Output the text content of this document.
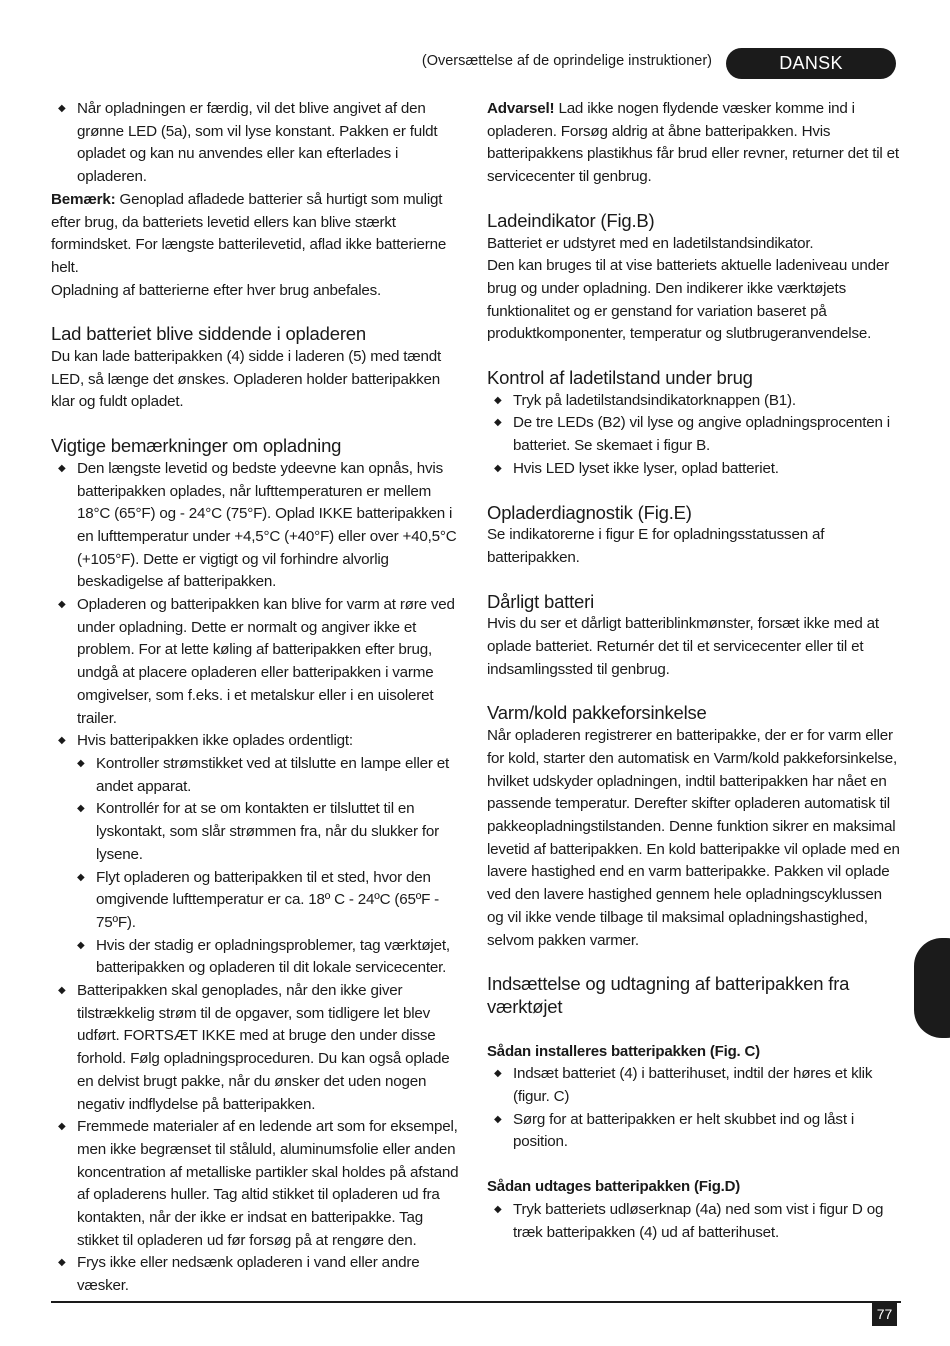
(Oversættelse af de oprindelige instruktioner)	DANSK
◆ Når opladningen er færdig, vil det blive angivet af den grønne LED (5a), som vil lyse konstant. Pakken er fuldt opladet og kan nu anvendes eller kan efterlades i opladeren.

Bemærk: Genoplad afladede batterier så hurtigt som muligt efter brug, da batteriets levetid ellers kan blive stærkt formindsket. For længste batterilevetid, aflad ikke batterierne helt.

Opladning af batterierne efter hver brug anbefales.

Lad batteriet blive siddende i opladeren

Du kan lade batteripakken (4) sidde i laderen (5) med tændt LED, så længe det ønskes. Opladeren holder batteripakken klar og fuldt opladet.

Vigtige bemærkninger om opladning
◆ Den længste levetid og bedste ydeevne kan opnås, hvis batteripakken oplades, når lufttemperaturen er mellem 18°C (65°F) og - 24°C (75°F). Oplad IKKE batteripakken i en lufttemperatur under +4,5°C (+40°F) eller over +40,5°C (+105°F). Dette er vigtigt og vil forhindre alvorlig beskadigelse af batteripakken.
◆ Opladeren og batteripakken kan blive for varm at røre ved under opladning. Dette er normalt og angiver ikke et problem. For at lette køling af batteripakken efter brug, undgå at placere opladeren eller batteripakken i varme omgivelser, som f.eks. i et metalskur eller i en uisoleret trailer.
◆ Hvis batteripakken ikke oplades ordentligt:
◆ Kontroller strømstikket ved at tilslutte en lampe eller et andet apparat.
◆ Kontrollér for at se om kontakten er tilsluttet til en lyskontakt, som slår strømmen fra, når du slukker for lysene.
◆ Flyt opladeren og batteripakken til et sted, hvor den omgivende lufttemperatur er ca. 18º C - 24ºC (65ºF - 75ºF).
◆ Hvis der stadig er opladningsproblemer, tag værktøjet, batteripakken og opladeren til dit lokale servicecenter.
◆ Batteripakken skal genoplades, når den ikke giver tilstrækkelig strøm til de opgaver, som tidligere let blev udført. FORTSÆT IKKE med at bruge den under disse forhold. Følg opladningsproceduren. Du kan også oplade en delvist brugt pakke, når du ønsker det uden nogen negativ indflydelse på batteripakken.
◆ Fremmede materialer af en ledende art som for eksempel, men ikke begrænset til ståluld, aluminumsfolie eller anden koncentration af metalliske partikler skal holdes på afstand af opladerens huller. Tag altid stikket til opladeren ud fra kontakten, når der ikke er indsat en batteripakke. Tag stikket til opladeren ud før forsøg på at rengøre den.
◆ Frys ikke eller nedsænk opladeren i vand eller andre væsker.

Advarsel! Lad ikke nogen flydende væsker komme ind i opladeren. Forsøg aldrig at åbne batteripakken. Hvis batteripakkens plastikhus får brud eller revner, returner det til et servicecenter til genbrug.

Ladeindikator (Fig.B)

Batteriet er udstyret med en ladetilstandsindikator.

Den kan bruges til at vise batteriets aktuelle ladeniveau under brug og under opladning. Den indikerer ikke værktøjets funktionalitet og er genstand for variation baseret på produktkomponenter, temperatur og slutbrugeranvendelse.

Kontrol af ladetilstand under brug
◆ Tryk på ladetilstandsindikatorknappen (B1).
◆ De tre LEDs (B2) vil lyse og angive opladningsprocenten i batteriet. Se skemaet i figur B.
◆ Hvis LED lyset ikke lyser, oplad batteriet.
Opladerdiagnostik (Fig.E)

Se indikatorerne i figur E for opladningsstatussen af batteripakken.

Dårligt batteri

Hvis du ser et dårligt batteriblinkmønster, forsæt ikke med at oplade batteriet. Returnér det til et servicecenter eller til et indsamlingssted til genbrug.

Varm/kold pakkeforsinkelse

Når opladeren registrerer en batteripakke, der er for varm eller for kold, starter den automatisk en Varm/kold pakkeforsinkelse, hvilket udskyder opladningen, indtil batteripakken har nået en passende temperatur. Derefter skifter opladeren automatisk til pakkeopladningstilstanden. Denne funktion sikrer en maksimal levetid af batteripakken. En kold batteripakke vil oplade med en lavere hastighed end en varm batteripakke. Pakken vil oplade ved den lavere hastighed gennem hele opladningscyklussen og vil ikke vende tilbage til maksimal opladningshastighed, selvom pakken varmer.

Indsættelse og udtagning af batteripakken fra værktøjet
Sådan installeres batteripakken (Fig. C)
◆ Indsæt batteriet (4) i batterihuset, indtil der høres et klik (figur. C)
◆ Sørg for at batteripakken er helt skubbet ind og låst i position.
Sådan udtages batteripakken (Fig.D)
◆ Tryk batteriets udløserknap (4a) ned som vist i figur D og træk batteripakken (4) ud af batterihuset.
77
